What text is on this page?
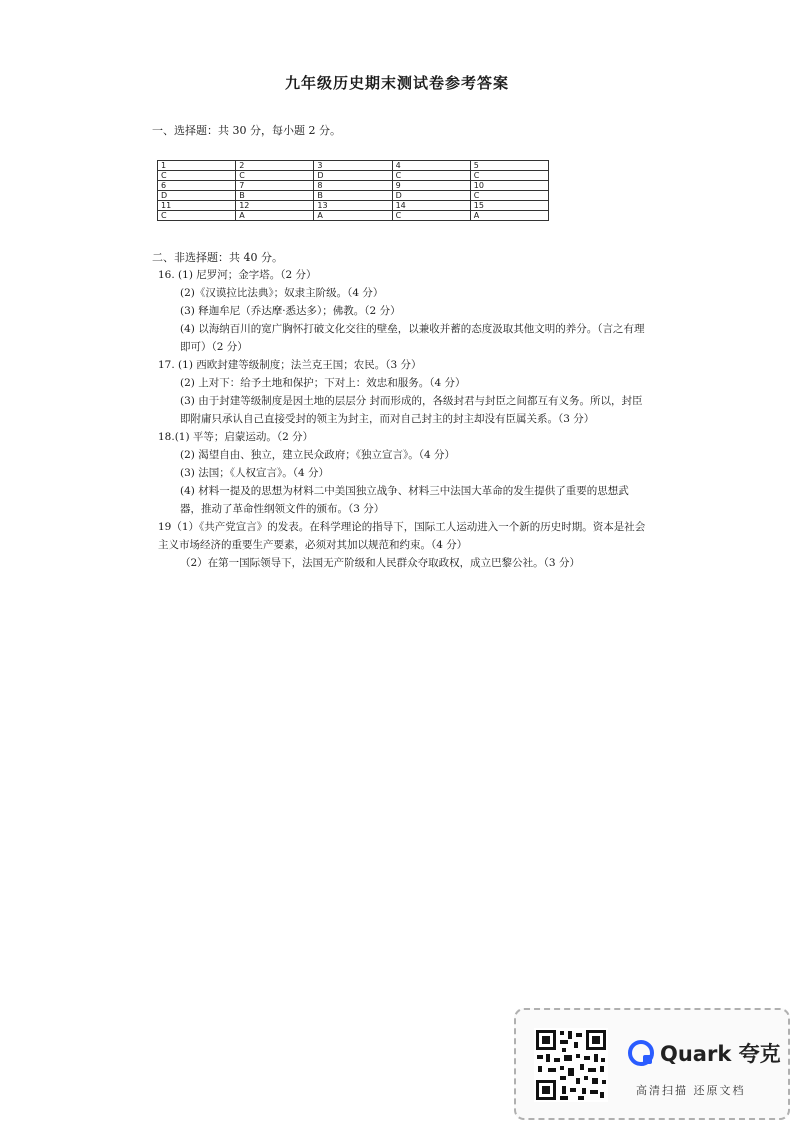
九年级历史期末测试卷参考答案
一、选择题：共 30 分，每小题 2 分。
1	2	3	4	5
C	C	D	C	C
6	7	8	9	10
D	B	B	D	C
11	12	13	14	15
C	A	A	C	A
二、非选择题：共 40 分。
16. (1) 尼罗河；金字塔。（2 分）
(2)《汉谟拉比法典》；奴隶主阶级。（4 分）
(3) 释迦牟尼（乔达摩·悉达多）；佛教。（2 分）
(4) 以海纳百川的宽广胸怀打破文化交往的壁垒，以兼收并蓄的态度汲取其他文明的养分。（言之有理即可）（2 分）
17. (1) 西欧封建等级制度；法兰克王国；农民。（3 分）
(2) 上对下：给予土地和保护；下对上：效忠和服务。（4 分）
(3) 由于封建等级制度是因土地的层层分 封而形成的，各级封君与封臣之间都互有义务。所以，封臣即附庸只承认自己直接受封的领主为封主，而对自己封主的封主却没有臣属关系。（3 分）
18.(1) 平等；启蒙运动。（2 分）
(2) 渴望自由、独立，建立民众政府；《独立宣言》。（4 分）
(3) 法国；《人权宣言》。（4 分）
(4) 材料一提及的思想为材料二中美国独立战争、材料三中法国大革命的发生提供了重要的思想武器，推动了革命性纲领文件的颁布。（3 分）
19（1）《共产党宣言》的发表。在科学理论的指导下，国际工人运动进入一个新的历史时期。资本是社会主义市场经济的重要生产要素，必须对其加以规范和约束。（4 分）
（2）在第一国际领导下，法国无产阶级和人民群众夺取政权，成立巴黎公社。（3 分）
Quark 夸克
高清扫描 还原文档
